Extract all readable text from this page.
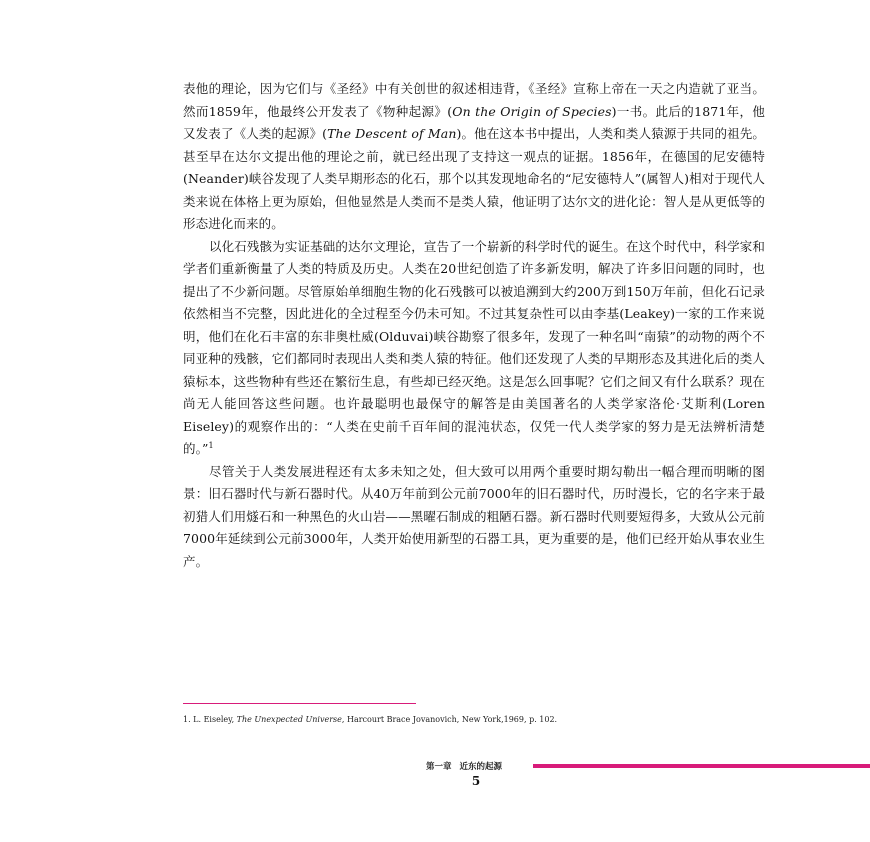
表他的理论，因为它们与《圣经》中有关创世的叙述相违背，《圣经》宣称上帝在一天之内造就了亚当。然而1859年，他最终公开发表了《物种起源》(On the Origin of Species)一书。此后的1871年，他又发表了《人类的起源》(The Descent of Man)。他在这本书中提出，人类和类人猿源于共同的祖先。甚至早在达尔文提出他的理论之前，就已经出现了支持这一观点的证据。1856年，在德国的尼安德特(Neander)峡谷发现了人类早期形态的化石，那个以其发现地命名的“尼安德特人”(属智人)相对于现代人类来说在体格上更为原始，但他显然是人类而不是类人猿，他证明了达尔文的进化论：智人是从更低等的形态进化而来的。

以化石残骸为实证基础的达尔文理论，宣告了一个崭新的科学时代的诞生。在这个时代中，科学家和学者们重新衡量了人类的特质及历史。人类在20世纪创造了许多新发明，解决了许多旧问题的同时，也提出了不少新问题。尽管原始单细胞生物的化石残骸可以被追溯到大约200万到150万年前，但化石记录依然相当不完整，因此进化的全过程至今仍未可知。不过其复杂性可以由李基(Leakey)一家的工作来说明，他们在化石丰富的东非奥杜威(Olduvai)峡谷勘察了很多年，发现了一种名叫“南猿”的动物的两个不同亚种的残骸，它们都同时表现出人类和类人猿的特征。他们还发现了人类的早期形态及其进化后的类人猿标本，这些物种有些还在繁衍生息，有些却已经灭绝。这是怎么回事呢？它们之间又有什么联系？现在尚无人能回答这些问题。也许最聪明也最保守的解答是由美国著名的人类学家洛伦·艾斯利(Loren Eiseley)的观察作出的：“人类在史前千百年间的混沌状态，仅凭一代人类学家的努力是无法辨析清楚的。”$^1$

尽管关于人类发展进程还有太多未知之处，但大致可以用两个重要时期勾勒出一幅合理而明晰的图景：旧石器时代与新石器时代。从40万年前到公元前7000年的旧石器时代，历时漫长，它的名字来于最初猎人们用燧石和一种黑色的火山岩——黑曜石制成的粗陋石器。新石器时代则要短得多，大致从公元前7000年延续到公元前3000年，人类开始使用新型的石器工具，更为重要的是，他们已经开始从事农业生产。

1. L. Eiseley, The Unexpected Universe, Harcourt Brace Jovanovich, New York,1969, p. 102.
第一章 近东的起源
5
